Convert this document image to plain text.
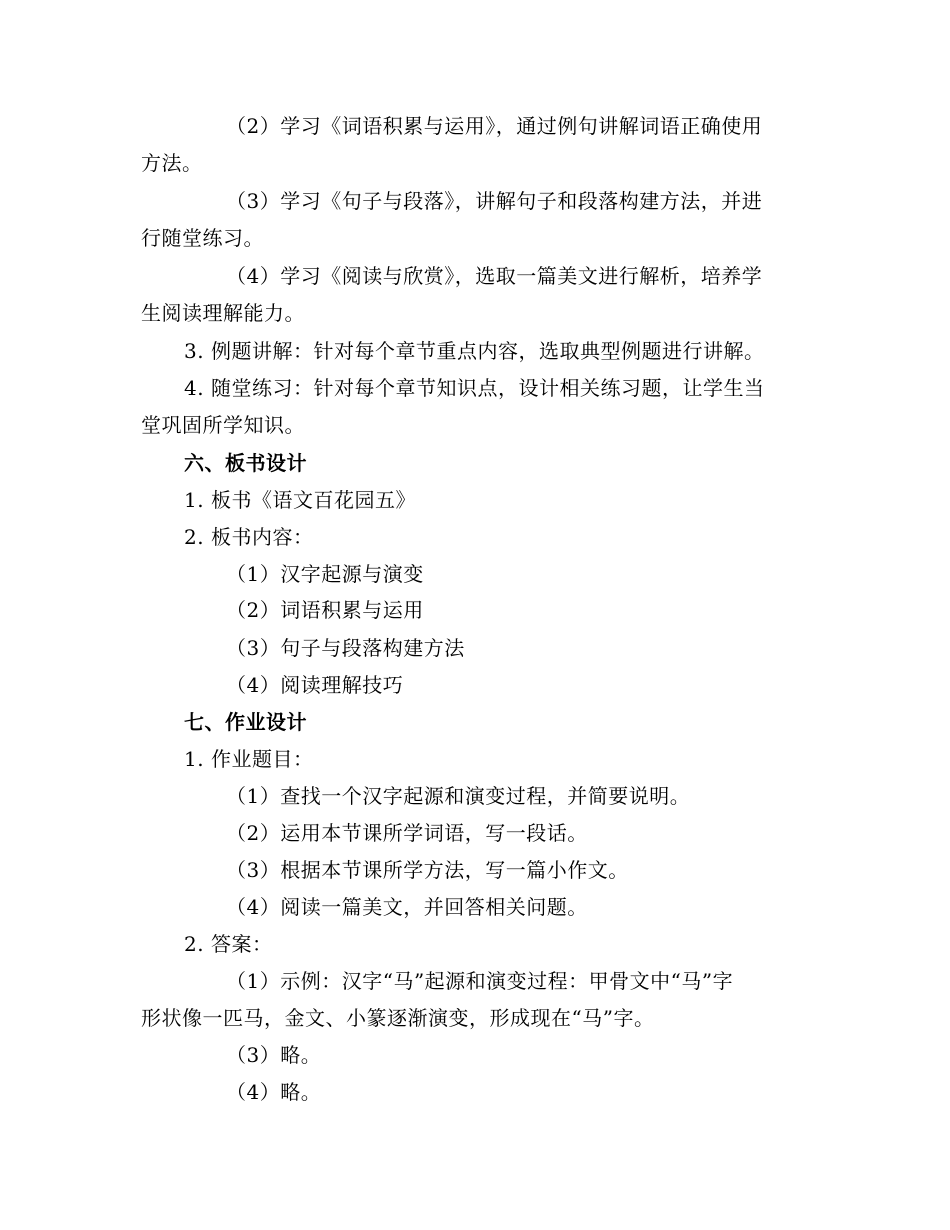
（2）学习《词语积累与运用》，通过例句讲解词语正确使用
方法。
（3）学习《句子与段落》，讲解句子和段落构建方法，并进
行随堂练习。
（4）学习《阅读与欣赏》，选取一篇美文进行解析，培养学
生阅读理解能力。
3. 例题讲解：针对每个章节重点内容，选取典型例题进行讲解。
4. 随堂练习：针对每个章节知识点，设计相关练习题，让学生当
堂巩固所学知识。
六、板书设计
1. 板书《语文百花园五》
2. 板书内容：
（1）汉字起源与演变
（2）词语积累与运用
（3）句子与段落构建方法
（4）阅读理解技巧
七、作业设计
1. 作业题目：
（1）查找一个汉字起源和演变过程，并简要说明。
（2）运用本节课所学词语，写一段话。
（3）根据本节课所学方法，写一篇小作文。
（4）阅读一篇美文，并回答相关问题。
2. 答案：
（1）示例：汉字“马”起源和演变过程：甲骨文中“马”字
形状像一匹马，金文、小篆逐渐演变，形成现在“马”字。
（3）略。
（4）略。
